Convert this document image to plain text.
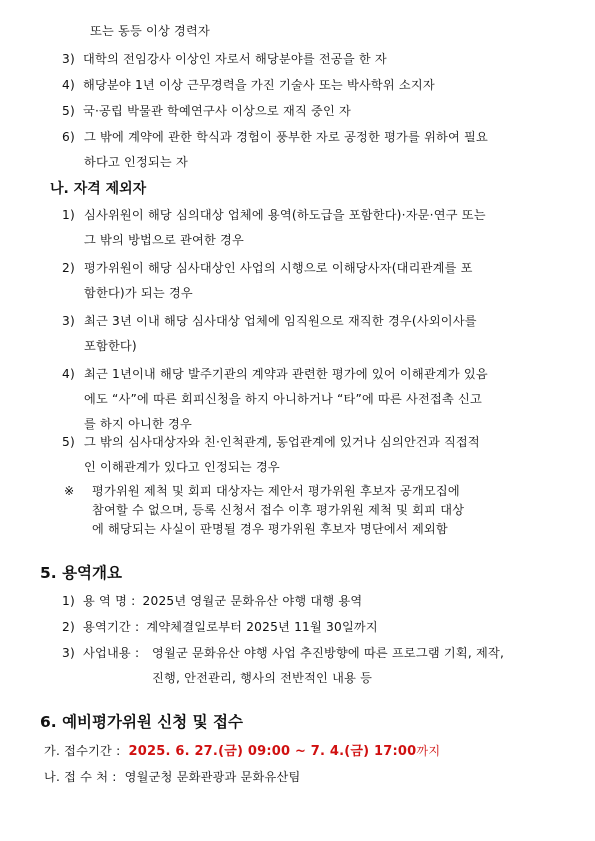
또는 동등 이상 경력자
3) 대학의 전임강사 이상인 자로서 해당분야를 전공을 한 자
4) 해당분야 1년 이상 근무경력을 가진 기술사 또는 박사학위 소지자
5) 국·공립 박물관 학예연구사 이상으로 재직 중인 자
6) 그 밖에 계약에 관한 학식과 경험이 풍부한 자로 공정한 평가를 위하여 필요
하다고 인정되는 자
나. 자격 제외자
1) 심사위원이 해당 심의대상 업체에 용역(하도급을 포함한다)·자문·연구 또는
그 밖의 방법으로 관여한 경우
2) 평가위원이 해당 심사대상인 사업의 시행으로 이해당사자(대리관계를 포
함한다)가 되는 경우
3) 최근 3년 이내 해당 심사대상 업체에 임직원으로 재직한 경우(사외이사를
포함한다)
4) 최근 1년이내 해당 발주기관의 계약과 관련한 평가에 있어 이해관계가 있음
에도 “사”에 따른 회피신청을 하지 아니하거나 “타”에 따른 사전접촉 신고
를 하지 아니한 경우
5) 그 밖의 심사대상자와 친·인척관계, 동업관계에 있거나 심의안건과 직접적
인 이해관계가 있다고 인정되는 경우
※ 평가위원 제척 및 회피 대상자는 제안서 평가위원 후보자 공개모집에
참여할 수 없으며, 등록 신청서 접수 이후 평가위원 제척 및 회피 대상
에 해당되는 사실이 판명될 경우 평가위원 후보자 명단에서 제외함
5. 용역개요
1) 용 역 명 : 2025년 영월군 문화유산 야행 대행 용역
2) 용역기간 : 계약체결일로부터 2025년 11월 30일까지
3) 사업내용 : 영월군 문화유산 야행 사업 추진방향에 따른 프로그램 기획, 제작,
진행, 안전관리, 행사의 전반적인 내용 등
6. 예비평가위원 신청 및 접수
가. 접수기간 : 2025. 6. 27.(금) 09:00 ~ 7. 4.(금) 17:00까지
나. 접 수 처 : 영월군청 문화관광과 문화유산팀
